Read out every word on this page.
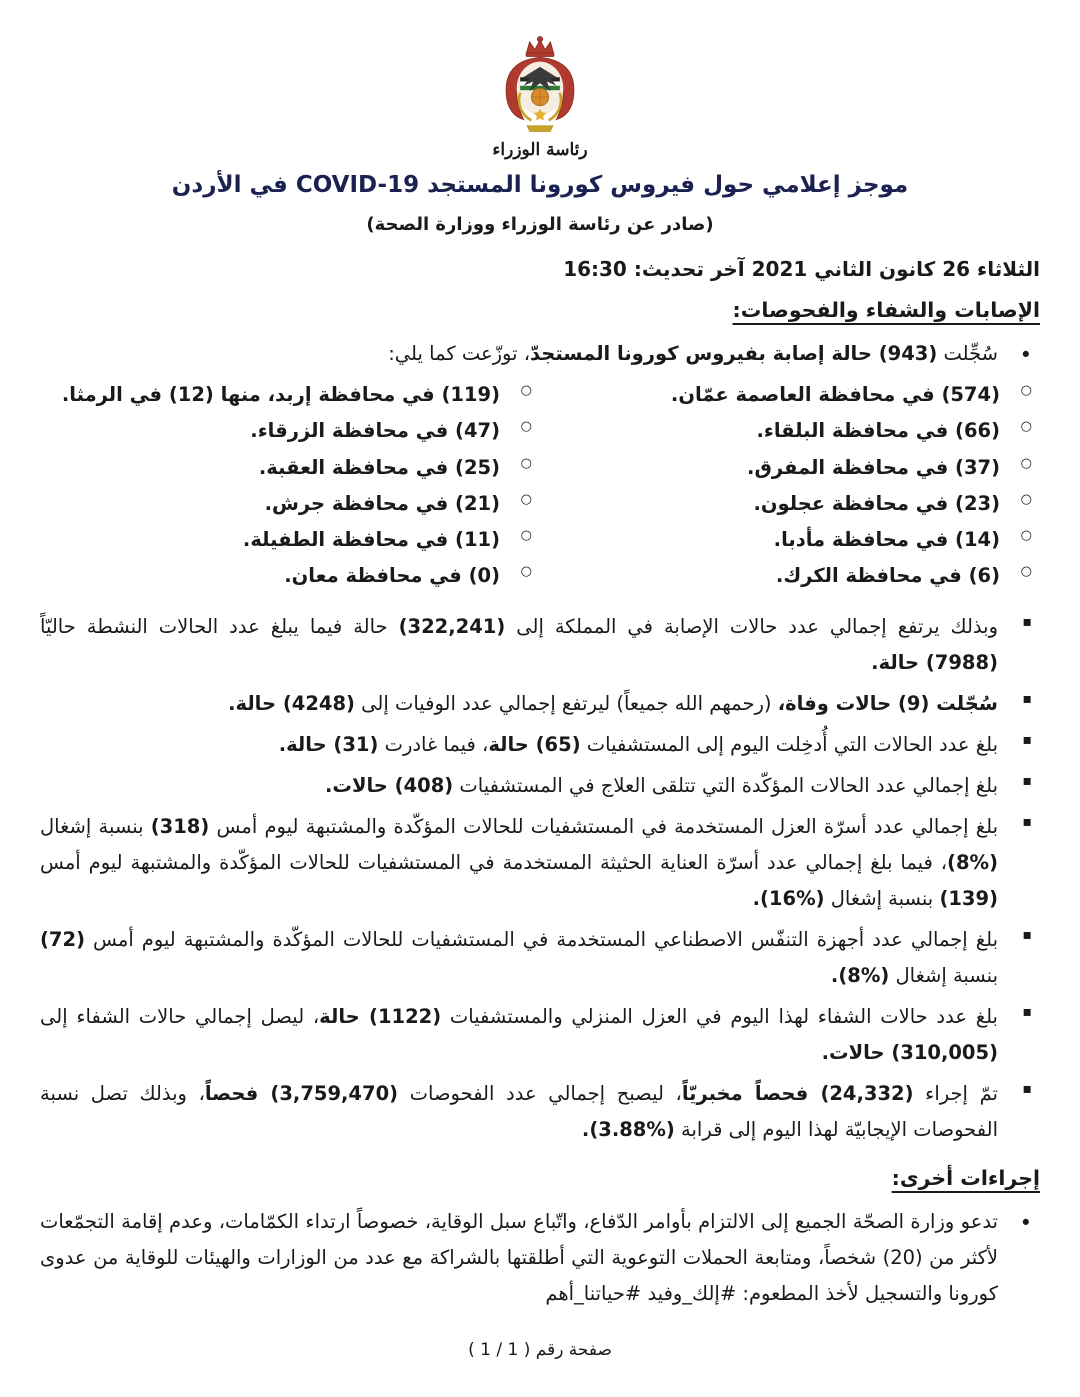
رئاسة الوزراء
موجز إعلامي حول فيروس كورونا المستجد COVID-19 في الأردن
(صادر عن رئاسة الوزراء ووزارة الصحة)
الثلاثاء 26 كانون الثاني 2021 آخر تحديث: 16:30
الإصابات والشفاء والفحوصات:
•

سُجِّلت (943) حالة إصابة بفيروس كورونا المستجدّ، توزّعت كما يلي:

○
(574) في محافظة العاصمة عمّان.
○
(119) في محافظة إربد، منها (12) في الرمثا.
○
(66) في محافظة البلقاء.
○
(47) في محافظة الزرقاء.
○
(37) في محافظة المفرق.
○
(25) في محافظة العقبة.
○
(23) في محافظة عجلون.
○
(21) في محافظة جرش.
○
(14) في محافظة مأدبا.
○
(11) في محافظة الطفيلة.
○
(6) في محافظة الكرك.
○
(0) في محافظة معان.
▪

وبذلك يرتفع إجمالي عدد حالات الإصابة في المملكة إلى (322,241) حالة فيما يبلغ عدد الحالات النشطة حاليّاً (7988) حالة.

▪

سُجّلت (9) حالات وفاة، (رحمهم الله جميعاً) ليرتفع إجمالي عدد الوفيات إلى (4248) حالة.

▪

بلغ عدد الحالات التي أُدخِلت اليوم إلى المستشفيات (65) حالة، فيما غادرت (31) حالة.

▪

بلغ إجمالي عدد الحالات المؤكّدة التي تتلقى العلاج في المستشفيات (408) حالات.

▪

بلغ إجمالي عدد أسرّة العزل المستخدمة في المستشفيات للحالات المؤكّدة والمشتبهة ليوم أمس (318) بنسبة إشغال (%8)، فيما بلغ إجمالي عدد أسرّة العناية الحثيثة المستخدمة في المستشفيات للحالات المؤكّدة والمشتبهة ليوم أمس (139) بنسبة إشغال (%16).

▪

بلغ إجمالي عدد أجهزة التنفّس الاصطناعي المستخدمة في المستشفيات للحالات المؤكّدة والمشتبهة ليوم أمس (72) بنسبة إشغال (%8).

▪

بلغ عدد حالات الشفاء لهذا اليوم في العزل المنزلي والمستشفيات (1122) حالة، ليصل إجمالي حالات الشفاء إلى (310,005) حالات.

▪

تمّ إجراء (24,332) فحصاً مخبريّاً، ليصبح إجمالي عدد الفحوصات (3,759,470) فحصاً، وبذلك تصل نسبة الفحوصات الإيجابيّة لهذا اليوم إلى قرابة (%3.88).

إجراءات أخرى:
•

تدعو وزارة الصحّة الجميع إلى الالتزام بأوامر الدّفاع، واتّباع سبل الوقاية، خصوصاً ارتداء الكمّامات، وعدم إقامة التجمّعات لأكثر من (20) شخصاً، ومتابعة الحملات التوعوية التي أطلقتها بالشراكة مع عدد من الوزارات والهيئات للوقاية من عدوى كورونا والتسجيل لأخذ المطعوم: #إلك_وفيد #حياتنا_أهم

صفحة رقم ( 1 / 1 )
